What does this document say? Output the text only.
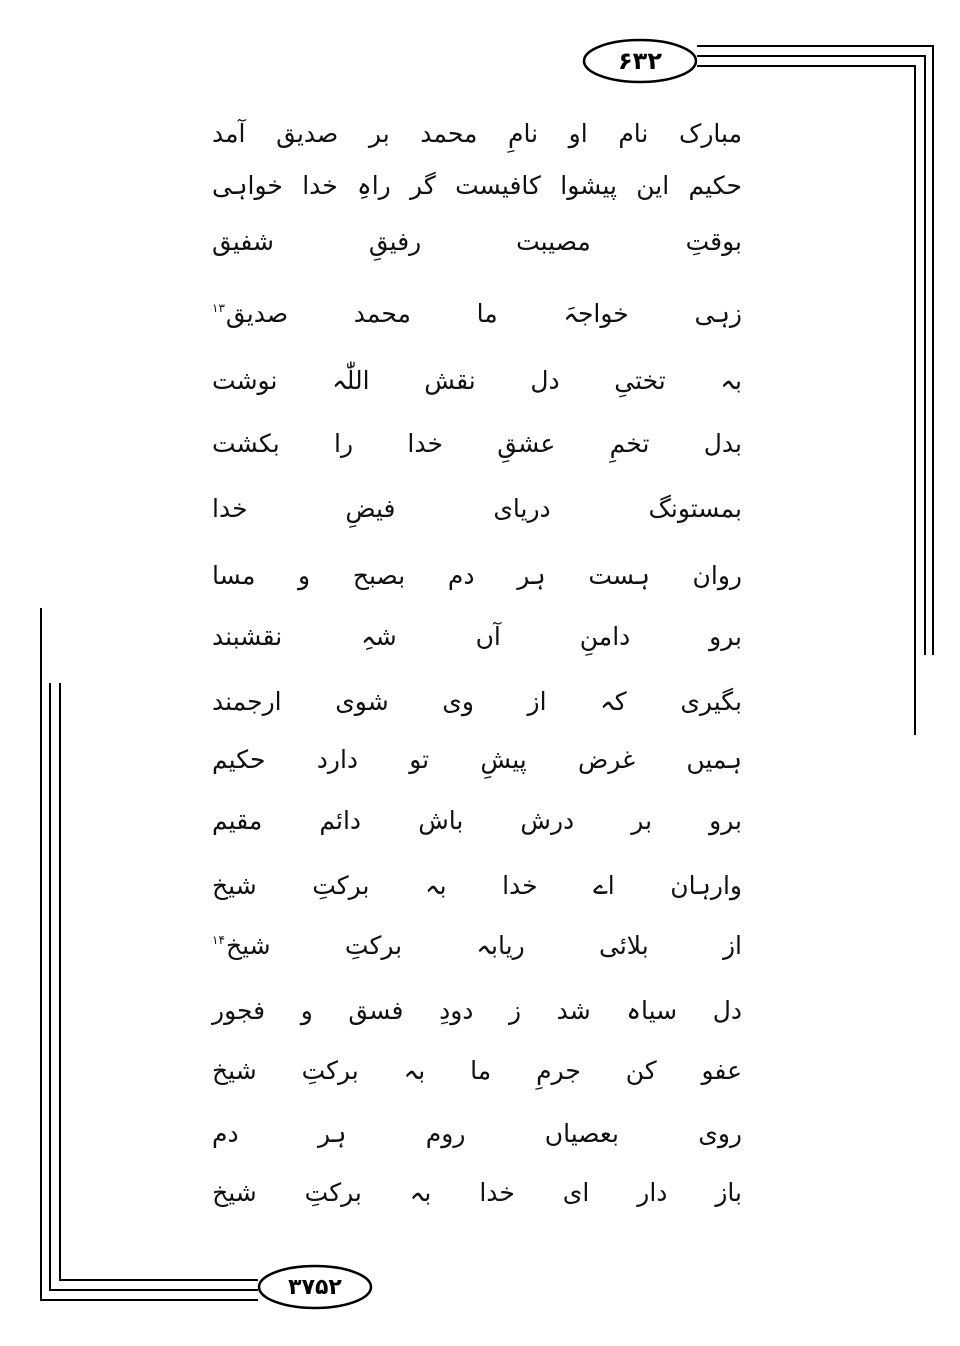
۶۳۲
۳۷۵۲
مبارک
نام
او
نامِ
محمد
بر
صدیق
آمد
حکیم
این
پیشوا
کافیست
گر
راہِ
خدا
خواہی
بوقتِ
مصیبت
رفیقِ
شفیق
زہی
خواجہَ
ما
محمد
صدیق$^{۱۳}$
بہ
تختیِ
دل
نقش
اللّٰہ
نوشت
بدل
تخمِ
عشقِ
خدا
را
بکشت
بمستونگ
دریای
فیضِ
خدا
روان
ہست
ہر
دم
بصبح
و
مسا
برو
دامنِ
آں
شہِ
نقشبند
بگیری
کہ
از
وی
شوی
ارجمند
ہمیں
غرض
پیشِ
تو
دارد
حکیم
برو
بر
درش
باش
دائم
مقیم
وارہان
اے
خدا
بہ
برکتِ
شیخ
از
بلائی
ریابہ
برکتِ
شیخ$^{۱۴}$
دل
سیاہ
شد
ز
دودِ
فسق
و
فجور
عفو
کن
جرمِ
ما
بہ
برکتِ
شیخ
روی
بعصیاں
روم
ہر
دم
باز
دار
ای
خدا
بہ
برکتِ
شیخ
